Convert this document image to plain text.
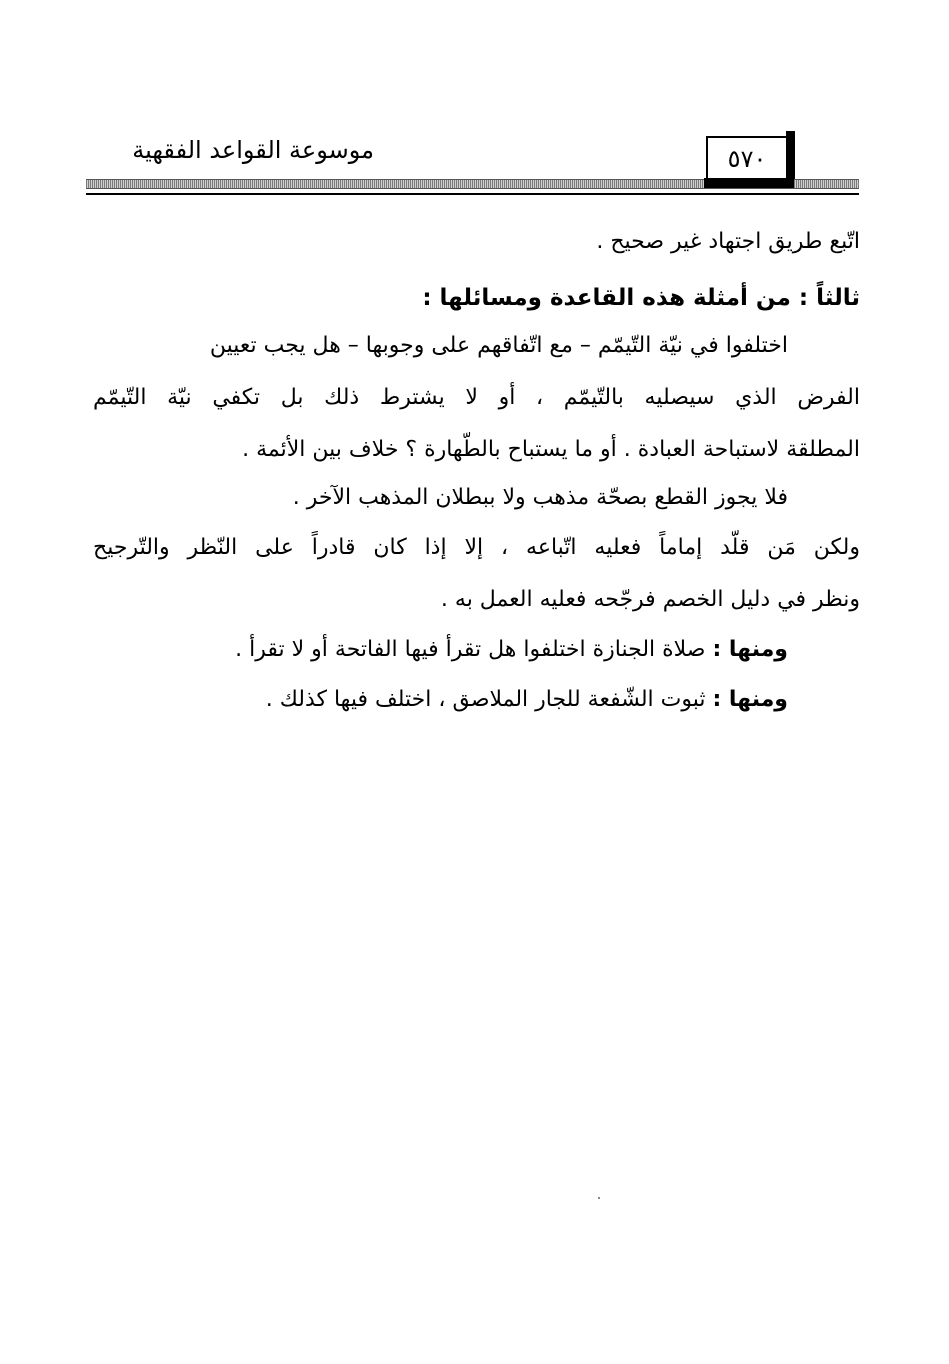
٥٧٠
موسوعة القواعد الفقهية
اتّبع طريق اجتهاد غير صحيح .
ثالثاً : من أمثلة هذه القاعدة ومسائلها :
اختلفوا في نيّة التّيمّم – مع اتّفاقهم على وجوبها – هل يجب تعيين
الفرض الذي سيصليه بالتّيمّم ، أو لا يشترط ذلك بل تكفي نيّة التّيمّم
المطلقة لاستباحة العبادة . أو ما يستباح بالطّهارة ؟ خلاف بين الأئمة .
فلا يجوز القطع بصحّة مذهب ولا ببطلان المذهب الآخر .
ولكن مَن قلّد إماماً فعليه اتّباعه ، إلا إذا كان قادراً على النّظر والتّرجيح
ونظر في دليل الخصم فرجّحه فعليه العمل به .
ومنها : صلاة الجنازة اختلفوا هل تقرأ فيها الفاتحة أو لا تقرأ .
ومنها : ثبوت الشّفعة للجار الملاصق ، اختلف فيها كذلك .
